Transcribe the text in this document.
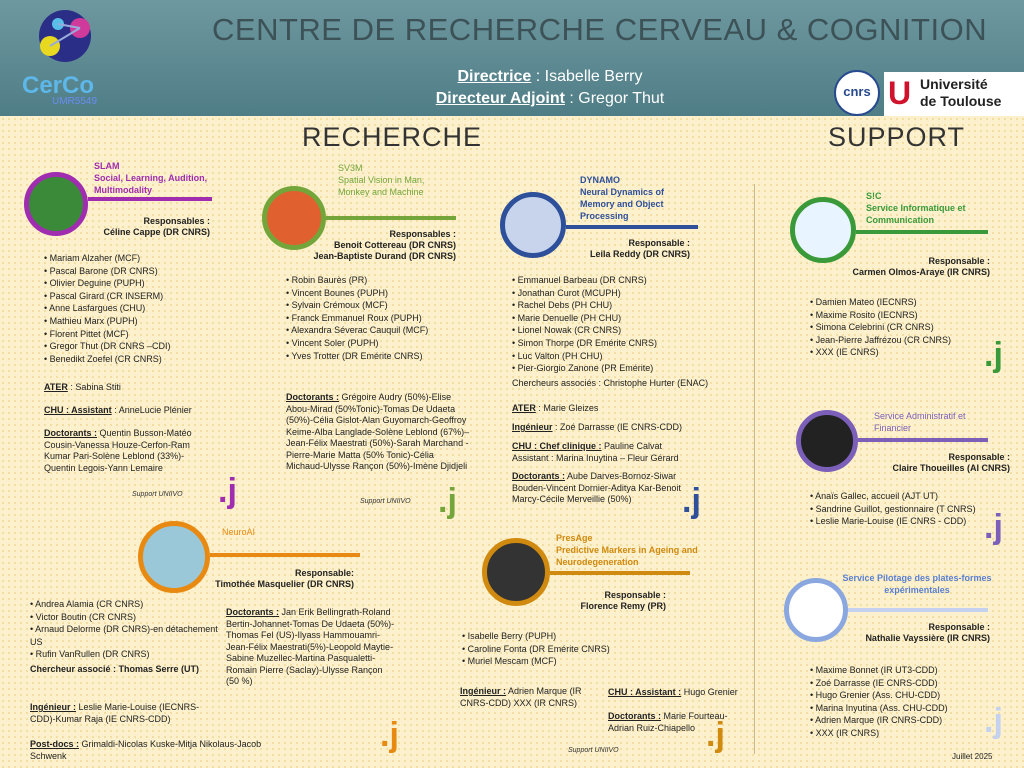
CerCo
UMR5549
CENTRE DE RECHERCHE CERVEAU & COGNITION
Directrice : Isabelle Berry
Directeur Adjoint : Gregor Thut	cnrs U Université
de Toulouse
RECHERCHE	SUPPORT
SLAM
Social, Learning, Audition, Multimodality
Responsables :
Céline Cappe (DR CNRS)
• Mariam Alzaher (MCF)
• Pascal Barone (DR CNRS)
• Olivier Deguine (PUPH)
• Pascal Girard (CR INSERM)
• Anne Lasfargues (CHU)
• Mathieu Marx (PUPH)
• Florent Pittet (MCF)
• Gregor Thut (DR CNRS –CDI)
• Benedikt Zoefel (CR CNRS)
ATER : Sabina Stiti
CHU : Assistant : AnneLucie Plénier
Doctorants : Quentin Busson-Matéo Cousin-Vanessa Houze-Cerfon-Ram Kumar Pari-Solène Leblond (33%)-Quentin Legois-Yann Lemaire
Support UNIIVO .j
SV3M
Spatial Vision in Man, Monkey and Machine
Responsables :
Benoit Cottereau (DR CNRS)
Jean-Baptiste Durand (DR CNRS)
• Robin Baurès (PR)
• Vincent Bounes (PUPH)
• Sylvain Crémoux (MCF)
• Franck Emmanuel Roux (PUPH)
• Alexandra Séverac Cauquil (MCF)
• Vincent Soler (PUPH)
• Yves Trotter (DR Emérite CNRS)
Doctorants : Grégoire Audry (50%)-Elise Abou-Mirad (50%Tonic)-Tomas De Udaeta (50%)-Célia Gislot-Alan Guyomarch-Geoffroy Keime-Alba Langlade-Solène Leblond (67%)–Jean-Félix Maestrati (50%)-Sarah Marchand - Pierre-Marie Matta (50% Tonic)-Célia Michaud-Ulysse Rançon (50%)-Imène Djidjeli
Support UNIIVO .j
DYNAMO
Neural Dynamics of Memory and Object Processing
Responsable :
Leila Reddy (DR CNRS)
• Emmanuel Barbeau (DR CNRS)
• Jonathan Curot (MCUPH)
• Rachel Debs (PH CHU)
• Marie Denuelle (PH CHU)
• Lionel Nowak (CR CNRS)
• Simon Thorpe (DR Emérite CNRS)
• Luc Valton (PH CHU)
• Pier-Giorgio Zanone (PR Emérite)
Chercheurs associés : Christophe Hurter (ENAC)
ATER : Marie Gleizes
Ingénieur : Zoé Darrasse (IE CNRS-CDD)
CHU : Chef clinique : Pauline Calvat
Assistant : Marina Inuytina – Fleur Gérard
Doctorants : Aube Darves-Bornoz-Siwar Bouden-Vincent Dornier-Aditya Kar-Benoit Marcy-Cécile Merveillie (50%)	.j
NeuroAI
Responsable:
Timothée Masquelier (DR CNRS)
• Andrea Alamia (CR CNRS)
• Victor Boutin (CR CNRS)
• Arnaud Delorme (DR CNRS)-en détachement US
• Rufin VanRullen (DR CNRS)
Chercheur associé : Thomas Serre (UT)
Doctorants : Jan Erik Bellingrath-Roland Bertin-Johannet-Tomas De Udaeta (50%)-Thomas Fel (US)-Ilyass Hammouamri-Jean-Félix Maestrati(5%)-Leopold Maytie-Sabine Muzellec-Martina Pasqualetti-Romain Pierre (Saclay)-Ulysse Rançon (50 %)
Ingénieur : Leslie Marie-Louise (IECNRS-CDD)-Kumar Raja (IE CNRS-CDD)
Post-docs : Grimaldi-Nicolas Kuske-Mitja Nikolaus-Jacob Schwenk
.j
PresAge
Predictive Markers in Ageing and Neurodegeneration
Responsable :
Florence Remy (PR)
• Isabelle Berry (PUPH)
• Caroline Fonta (DR Emérite CNRS)
• Muriel Mescam (MCF)
Ingénieur : Adrien Marque (IR CNRS-CDD) XXX (IR CNRS)
CHU : Assistant : Hugo Grenier
Doctorants : Marie Fourteau-Adrian Ruiz-Chiapello
Support UNIIVO	.j
S!C
Service Informatique et Communication
Responsable :
Carmen Olmos-Araye (IR CNRS)
• Damien Mateo (IECNRS)
• Maxime Rosito (IECNRS)
• Simona Celebrini (CR CNRS)
• Jean-Pierre Jaffrézou (CR CNRS)
• XXX (IE CNRS)	.j
Service Administratif et Financier
Responsable :
Claire Thoueilles (AI CNRS)
• Anaïs Gallec, accueil (AJT UT)
• Sandrine Guillot, gestionnaire (T CNRS)
• Leslie Marie-Louise (IE CNRS - CDD) .j
Service Pilotage des plates-formes expérimentales
Responsable :
Nathalie Vayssière (IR CNRS)
• Maxime Bonnet (IR UT3-CDD)
• Zoé Darrasse (IE CNRS-CDD)
• Hugo Grenier (Ass. CHU-CDD)
• Marina Inyutina (Ass. CHU-CDD)
• Adrien Marque (IR CNRS-CDD)
• XXX (IR CNRS)	.j
Juillet 2025
